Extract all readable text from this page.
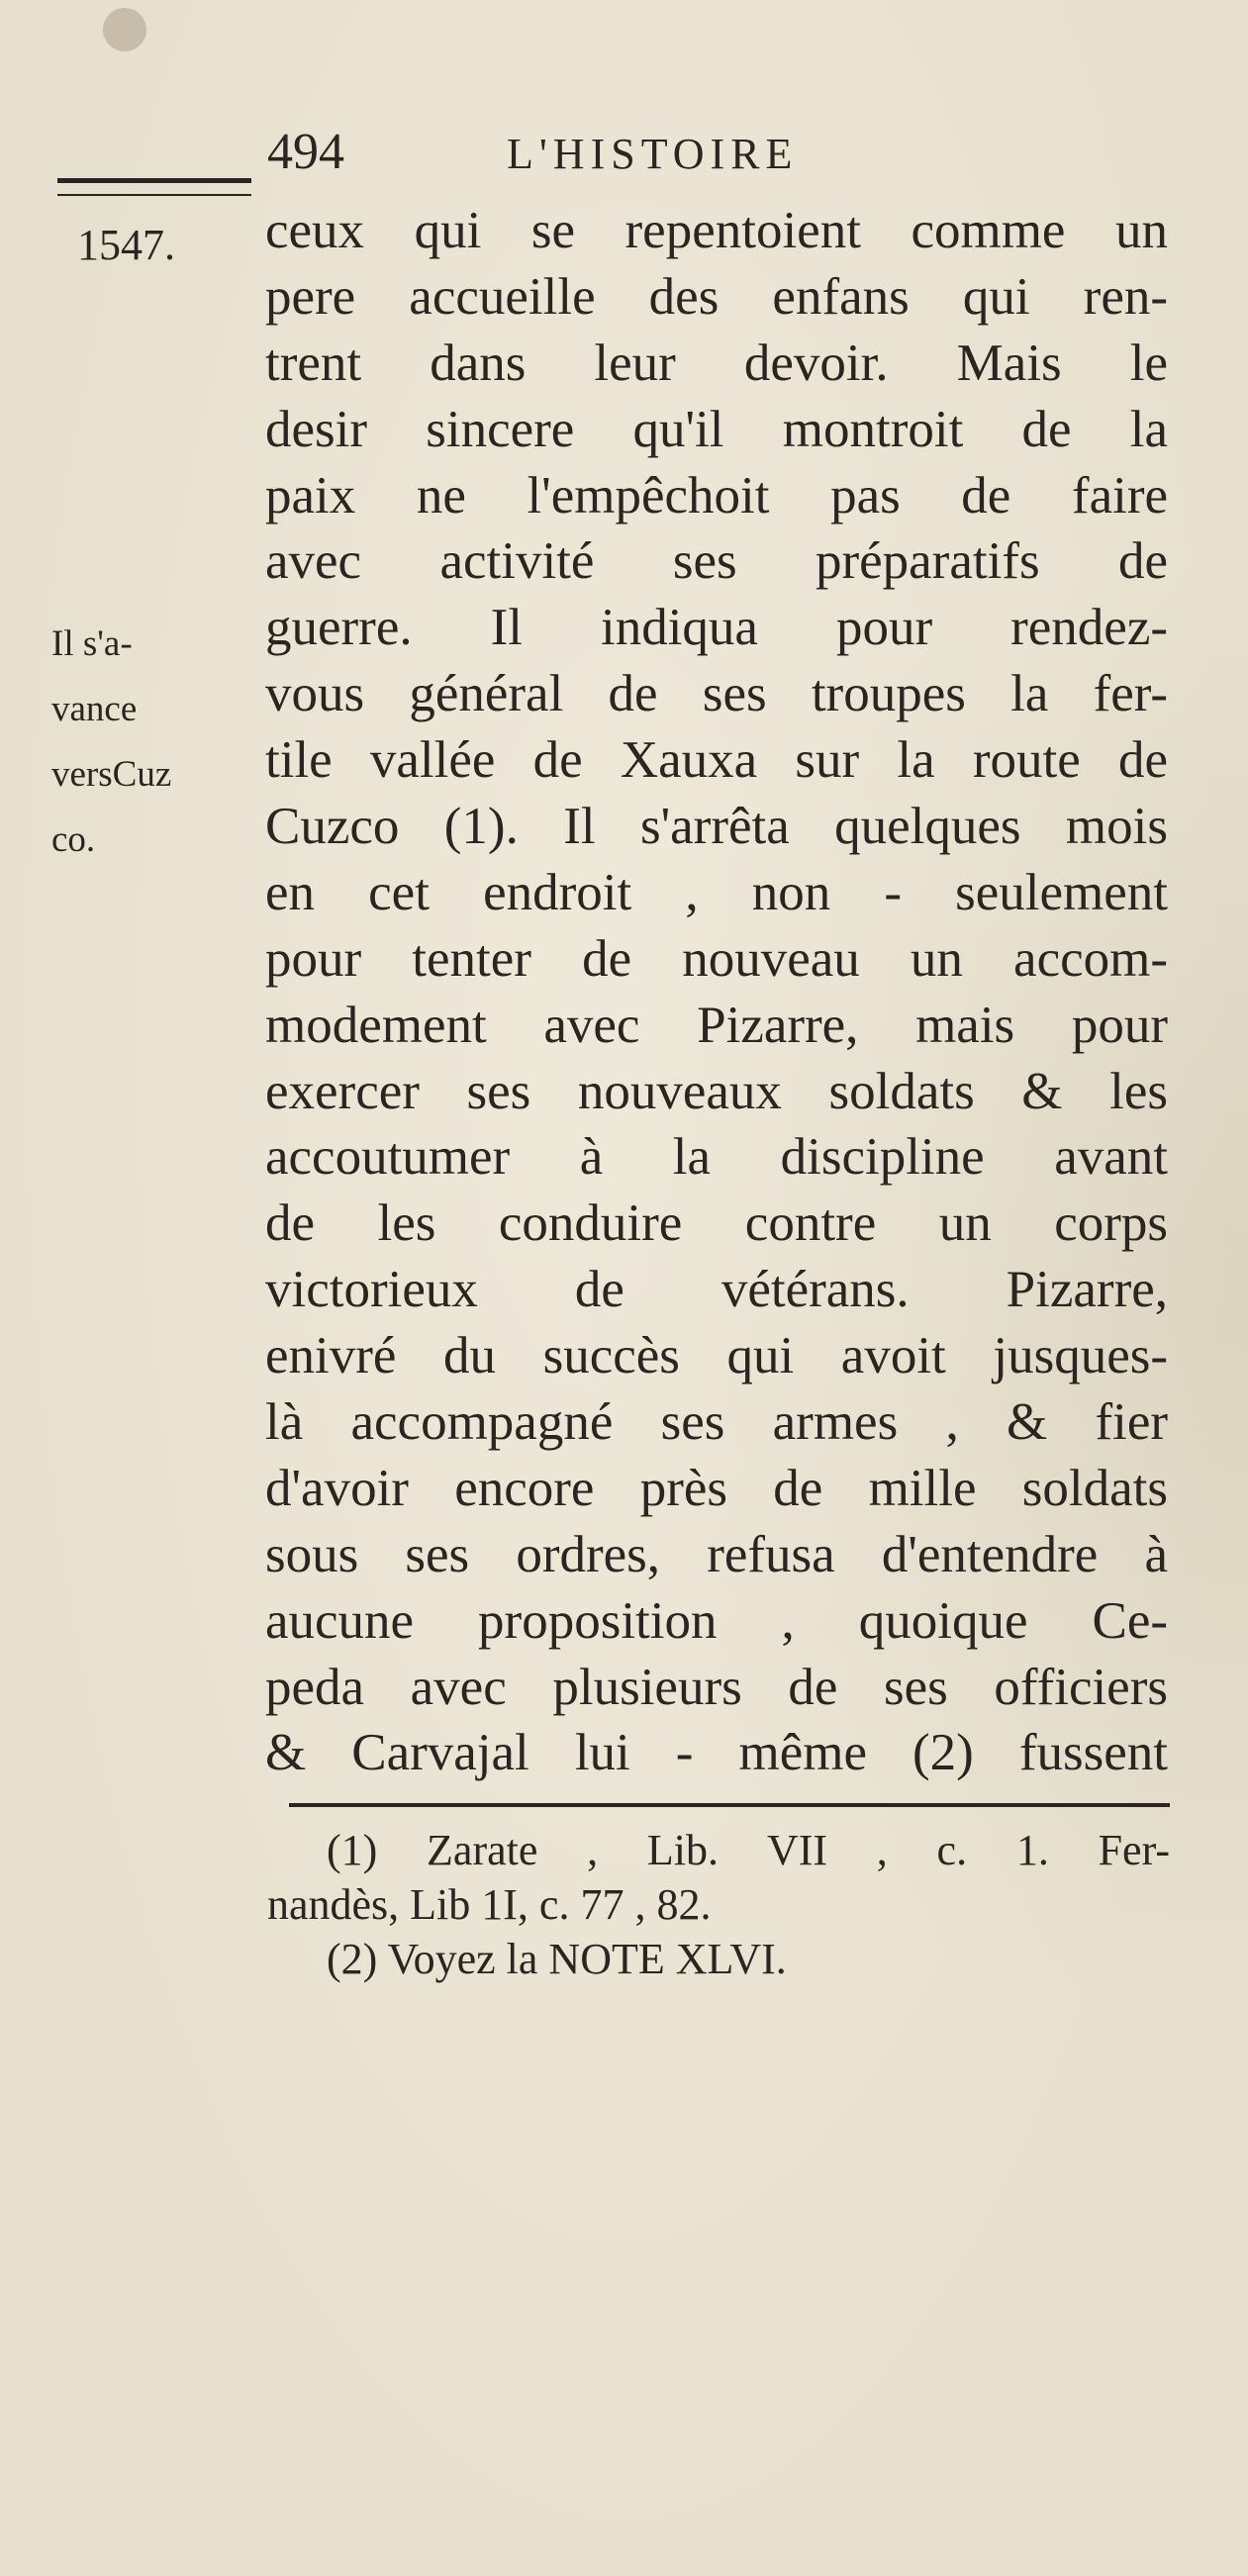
494	L'HISTOIRE
1547.
Il s'a-
vance
versCuz
co.
ceux qui se repentoient comme un
pere accueille des enfans qui ren-
trent dans leur devoir. Mais le
desir sincere qu'il montroit de la
paix ne l'empêchoit pas de faire
avec activité ses préparatifs de
guerre. Il indiqua pour rendez-
vous général de ses troupes la fer-
tile vallée de Xauxa sur la route de
Cuzco (1). Il s'arrêta quelques mois
en cet endroit , non - seulement
pour tenter de nouveau un accom-
modement avec Pizarre, mais pour
exercer ses nouveaux soldats & les
accoutumer à la discipline avant
de les conduire contre un corps
victorieux de vétérans. Pizarre,
enivré du succès qui avoit jusques-
là accompagné ses armes , & fier
d'avoir encore près de mille soldats
sous ses ordres, refusa d'entendre à
aucune proposition , quoique Ce-
peda avec plusieurs de ses officiers
& Carvajal lui - même (2) fussent
(1) Zarate , Lib. VII , c. 1. Fer-
nandès, Lib 1I, c. 77 , 82.
(2) Voyez la NOTE XLVI.
